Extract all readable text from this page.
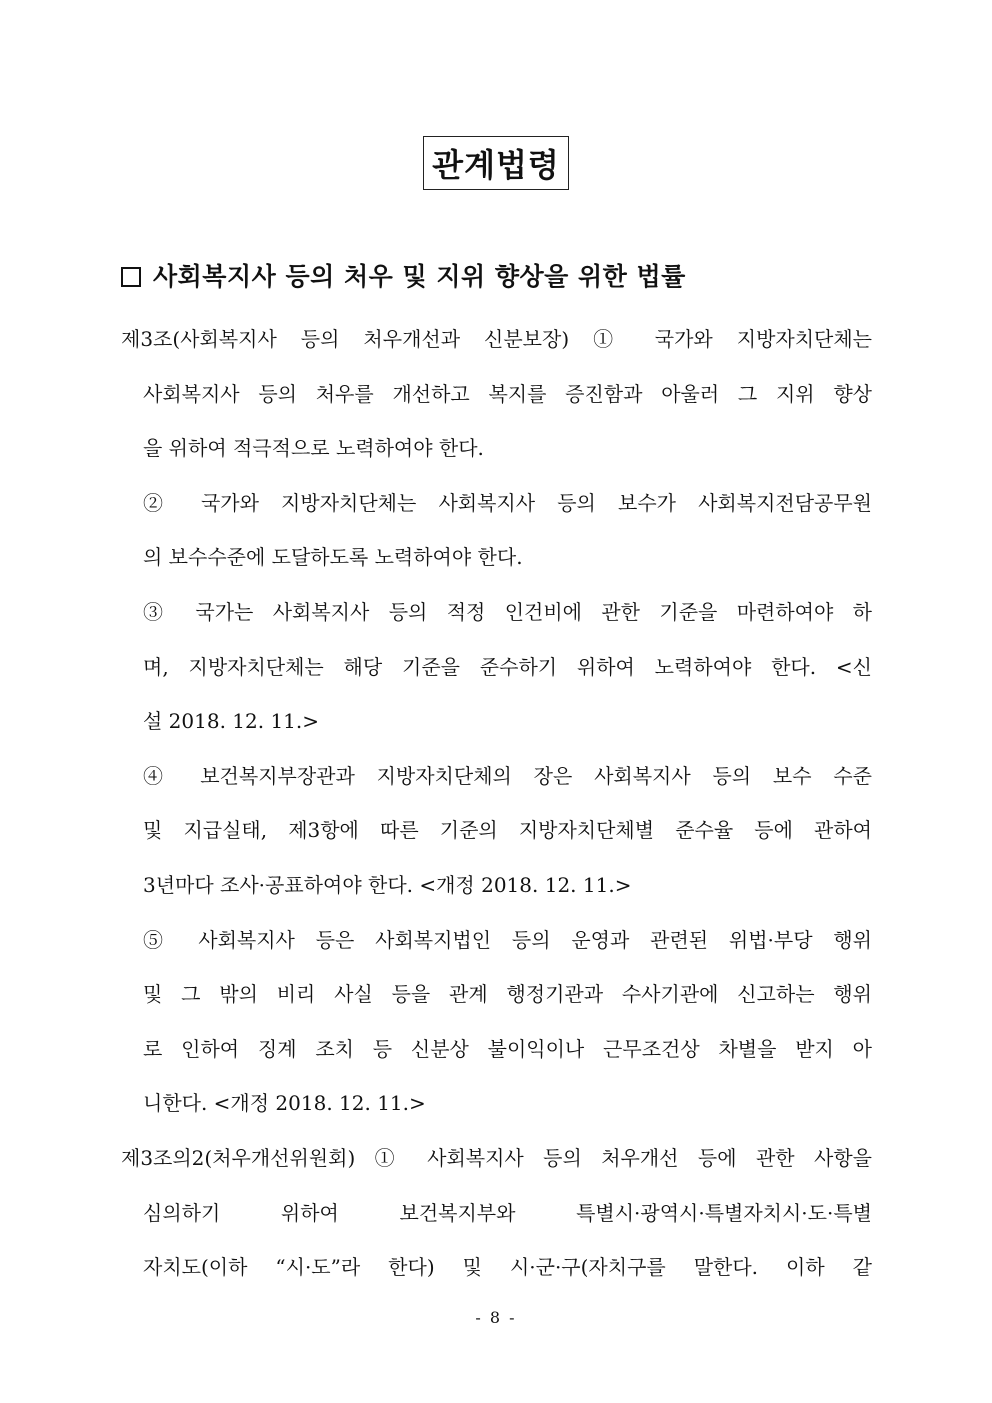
관계법령
사회복지사 등의 처우 및 지위 향상을 위한 법률
제3조(사회복지사 등의 처우개선과 신분보장) ① 국가와 지방자치단체는
사회복지사 등의 처우를 개선하고 복지를 증진함과 아울러 그 지위 향상
을 위하여 적극적으로 노력하여야 한다.
② 국가와 지방자치단체는 사회복지사 등의 보수가 사회복지전담공무원
의 보수수준에 도달하도록 노력하여야 한다.
③ 국가는 사회복지사 등의 적정 인건비에 관한 기준을 마련하여야 하
며, 지방자치단체는 해당 기준을 준수하기 위하여 노력하여야 한다. <신
설 2018. 12. 11.>
④ 보건복지부장관과 지방자치단체의 장은 사회복지사 등의 보수 수준
및 지급실태, 제3항에 따른 기준의 지방자치단체별 준수율 등에 관하여
3년마다 조사·공표하여야 한다. <개정 2018. 12. 11.>
⑤ 사회복지사 등은 사회복지법인 등의 운영과 관련된 위법·부당 행위
및 그 밖의 비리 사실 등을 관계 행정기관과 수사기관에 신고하는 행위
로 인하여 징계 조치 등 신분상 불이익이나 근무조건상 차별을 받지 아
니한다. <개정 2018. 12. 11.>
제3조의2(처우개선위원회) ① 사회복지사 등의 처우개선 등에 관한 사항을
심의하기 위하여 보건복지부와 특별시·광역시·특별자치시·도·특별
자치도(이하 “시·도”라 한다) 및 시·군·구(자치구를 말한다. 이하 같
- 8 -
